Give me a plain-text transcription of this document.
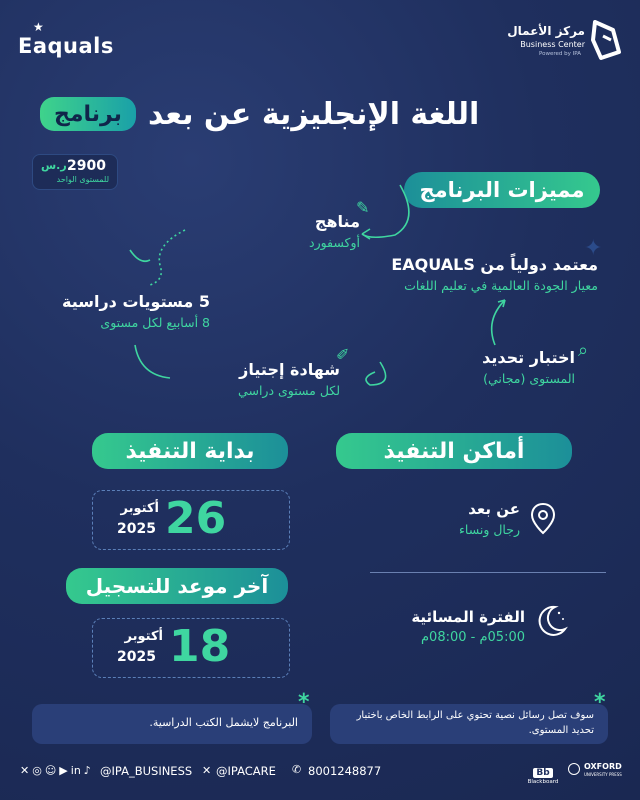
★
Eaquals
مركز الأعمال
Business Center
Powered by IPA
برنامج اللغة الإنجليزية عن بعد
ر.س 2900
للمستوى الواحد	مميزات البرنامج
معتمد دولياً من EAQUALS
معيار الجودة العالمية في تعليم اللغات
✦
مناهج
أوكسفورد
✎
5 مستويات دراسية
8 أسابيع لكل مستوى
شهادة إجتياز
لكل مستوى دراسي
✐	اختبار تحديد
المستوى (مجاني)
⌕
بداية التنفيذ	أماكن التنفيذ
26
أكتوبر
2025
عن بعد
رجال ونساء
آخر موعد للتسجيل
18
أكتوبر
2025
الفترة المسائية
05:00م - 08:00م
البرنامج لايشمل الكتب الدراسية.
*
سوف تصل رسائل نصية تحتوي على الرابط الخاص باختبار تحديد المستوى.
*
✕ ◎ ☺ ▶ in ♪ @IPA_BUSINESS ✕ @IPACARE ✆ 8001248877	Bb
Blackboard
OXFORD
UNIVERSITY PRESS
